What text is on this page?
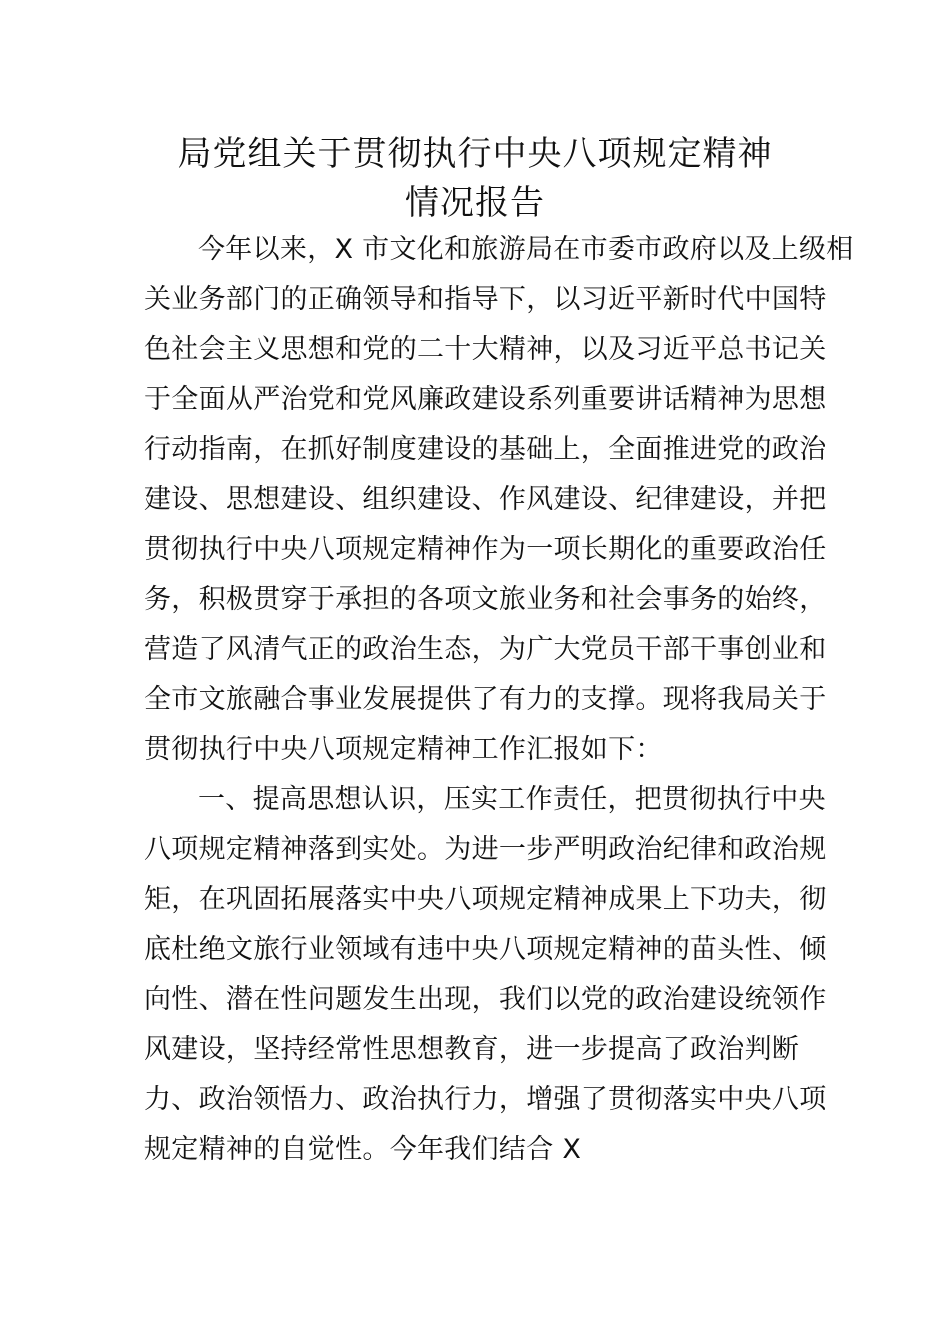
局党组关于贯彻执行中央八项规定精神
情况报告
今年以来，X 市文化和旅游局在市委市政府以及上级相
关业务部门的正确领导和指导下，以习近平新时代中国特
色社会主义思想和党的二十大精神，以及习近平总书记关
于全面从严治党和党风廉政建设系列重要讲话精神为思想
行动指南，在抓好制度建设的基础上，全面推进党的政治
建设、思想建设、组织建设、作风建设、纪律建设，并把
贯彻执行中央八项规定精神作为一项长期化的重要政治任
务，积极贯穿于承担的各项文旅业务和社会事务的始终，
营造了风清气正的政治生态，为广大党员干部干事创业和
全市文旅融合事业发展提供了有力的支撑。现将我局关于
贯彻执行中央八项规定精神工作汇报如下：
一、提高思想认识，压实工作责任，把贯彻执行中央
八项规定精神落到实处。为进一步严明政治纪律和政治规
矩，在巩固拓展落实中央八项规定精神成果上下功夫，彻
底杜绝文旅行业领域有违中央八项规定精神的苗头性、倾
向性、潜在性问题发生出现，我们以党的政治建设统领作
风建设，坚持经常性思想教育，进一步提高了政治判断
力、政治领悟力、政治执行力，增强了贯彻落实中央八项
规定精神的自觉性。今年我们结合 X
